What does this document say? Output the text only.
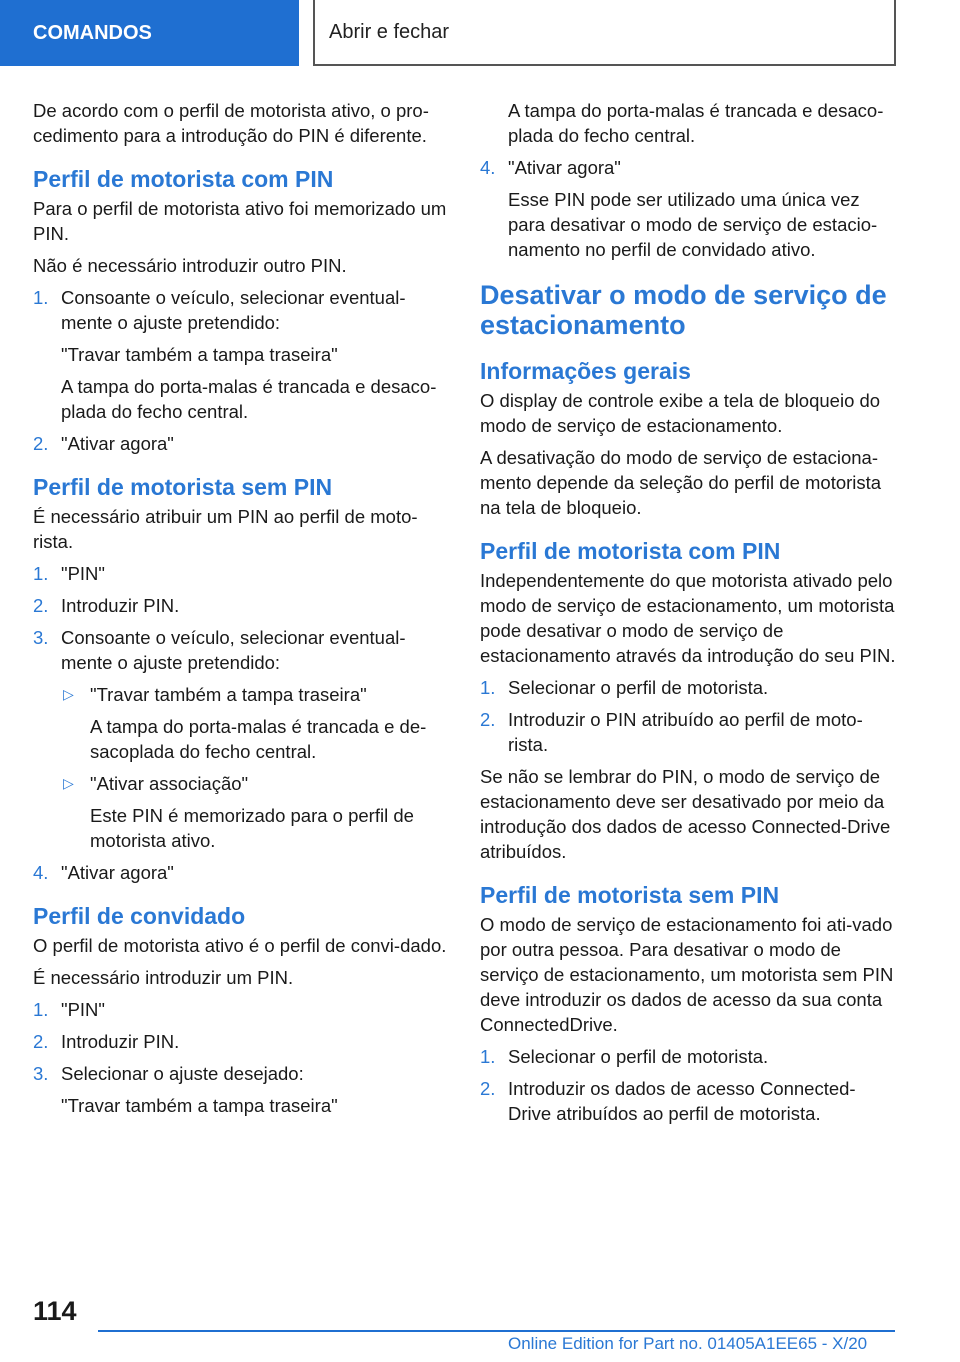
COMANDOS	Abrir e fechar

De acordo com o perfil de motorista ativo, o pro-cedimento para a introdução do PIN é diferente.

Perfil de motorista com PIN

Para o perfil de motorista ativo foi memorizado um PIN.

Não é necessário introduzir outro PIN.

1. Consoante o veículo, selecionar eventual-mente o ajuste pretendido:

"Travar também a tampa traseira"

A tampa do porta-malas é trancada e desaco-plada do fecho central.

2. "Ativar agora"
Perfil de motorista sem PIN

É necessário atribuir um PIN ao perfil de moto-rista.

1. "PIN"
2. Introduzir PIN.
3. Consoante o veículo, selecionar eventual-mente o ajuste pretendido:
▷ "Travar também a tampa traseira"

A tampa do porta-malas é trancada e de-sacoplada do fecho central.

▷ "Ativar associação"

Este PIN é memorizado para o perfil de motorista ativo.

4. "Ativar agora"
Perfil de convidado

O perfil de motorista ativo é o perfil de convi-dado.

É necessário introduzir um PIN.

1. "PIN"
2. Introduzir PIN.
3. Selecionar o ajuste desejado:

"Travar também a tampa traseira"

A tampa do porta-malas é trancada e desaco-plada do fecho central.

4. "Ativar agora"

Esse PIN pode ser utilizado uma única vez para desativar o modo de serviço de estacio-namento no perfil de convidado ativo.

Desativar o modo de serviço de estacionamento
Informações gerais

O display de controle exibe a tela de bloqueio do modo de serviço de estacionamento.

A desativação do modo de serviço de estaciona-mento depende da seleção do perfil de motorista na tela de bloqueio.

Perfil de motorista com PIN

Independentemente do que motorista ativado pelo modo de serviço de estacionamento, um motorista pode desativar o modo de serviço de estacionamento através da introdução do seu PIN.

1. Selecionar o perfil de motorista.
2. Introduzir o PIN atribuído ao perfil de moto-rista.

Se não se lembrar do PIN, o modo de serviço de estacionamento deve ser desativado por meio da introdução dos dados de acesso Connected-Drive atribuídos.

Perfil de motorista sem PIN

O modo de serviço de estacionamento foi ati-vado por outra pessoa. Para desativar o modo de serviço de estacionamento, um motorista sem PIN deve introduzir os dados de acesso da sua conta ConnectedDrive.

1. Selecionar o perfil de motorista.
2. Introduzir os dados de acesso Connected-Drive atribuídos ao perfil de motorista.
114
Online Edition for Part no. 01405A1EE65 - X/20
